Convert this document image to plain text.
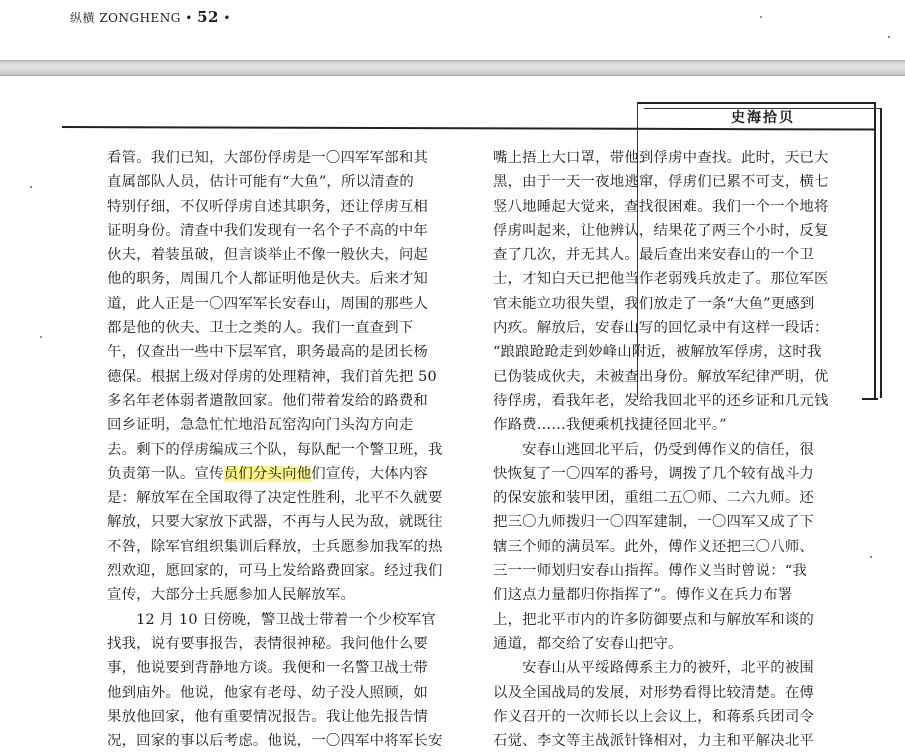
纵横 ZONGHENG • 52 •
史海拾贝
看管。我们已知，大部份俘虏是一〇四军军部和其
直属部队人员，估计可能有“大鱼”，所以清查的
特别仔细，不仅听俘虏自述其职务，还让俘虏互相
证明身份。清查中我们发现有一名个子不高的中年
伙夫，着装虽破，但言谈举止不像一般伙夫，问起
他的职务，周围几个人都证明他是伙夫。后来才知
道，此人正是一〇四军军长安春山，周围的那些人
都是他的伙夫、卫士之类的人。我们一直查到下
午，仅查出一些中下层军官，职务最高的是团长杨
德保。根据上级对俘虏的处理精神，我们首先把 50
多名年老体弱者遣散回家。他们带着发给的路费和
回乡证明，急急忙忙地沿瓦窑沟向门头沟方向走
去。剩下的俘虏编成三个队，每队配一个警卫班，我
负责第一队。宣传员们分头向他们宣传，大体内容
是：解放军在全国取得了决定性胜利，北平不久就要
解放，只要大家放下武器，不再与人民为敌，就既往
不咎，除军官组织集训后释放，士兵愿参加我军的热
烈欢迎，愿回家的，可马上发给路费回家。经过我们
宣传，大部分士兵愿参加人民解放军。
　　12 月 10 日傍晚，警卫战士带着一个少校军官
找我，说有要事报告，表情很神秘。我问他什么要
事，他说要到背静地方谈。我便和一名警卫战士带
他到庙外。他说，他家有老母、幼子没人照顾，如
果放他回家，他有重要情况报告。我让他先报告情
况，回家的事以后考虑。他说，一〇四军中将军长安
嘴上捂上大口罩，带他到俘虏中查找。此时，天已大
黑，由于一天一夜地逃窜，俘虏们已累不可支，横七
竖八地睡起大觉来，查找很困难。我们一个一个地将
俘虏叫起来，让他辨认，结果花了两三个小时，反复
查了几次，并无其人。最后查出来安春山的一个卫
士，才知白天已把他当作老弱残兵放走了。那位军医
官未能立功很失望，我们放走了一条“大鱼”更感到
内疚。解放后，安春山写的回忆录中有这样一段话：
“踉踉跄跄走到妙峰山附近，被解放军俘虏，这时我
已伪装成伙夫，未被查出身份。解放军纪律严明，优
待俘虏，看我年老，发给我回北平的还乡证和几元钱
作路费……我便乘机找捷径回北平。”
　　安春山逃回北平后，仍受到傅作义的信任，很
快恢复了一〇四军的番号，调拨了几个较有战斗力
的保安旅和装甲团，重组二五〇师、二六九师。还
把三〇九师拨归一〇四军建制，一〇四军又成了下
辖三个师的满员军。此外，傅作义还把三〇八师、
三一一师划归安春山指挥。傅作义当时曾说：“我
们这点力量都归你指挥了”。傅作义在兵力布署
上，把北平市内的许多防御要点和与解放军和谈的
通道，都交给了安春山把守。
　　安春山从平绥路傅系主力的被歼，北平的被围
以及全国战局的发展，对形势看得比较清楚。在傅
作义召开的一次师长以上会议上，和蒋系兵团司令
石觉、李文等主战派针锋相对，力主和平解决北平
